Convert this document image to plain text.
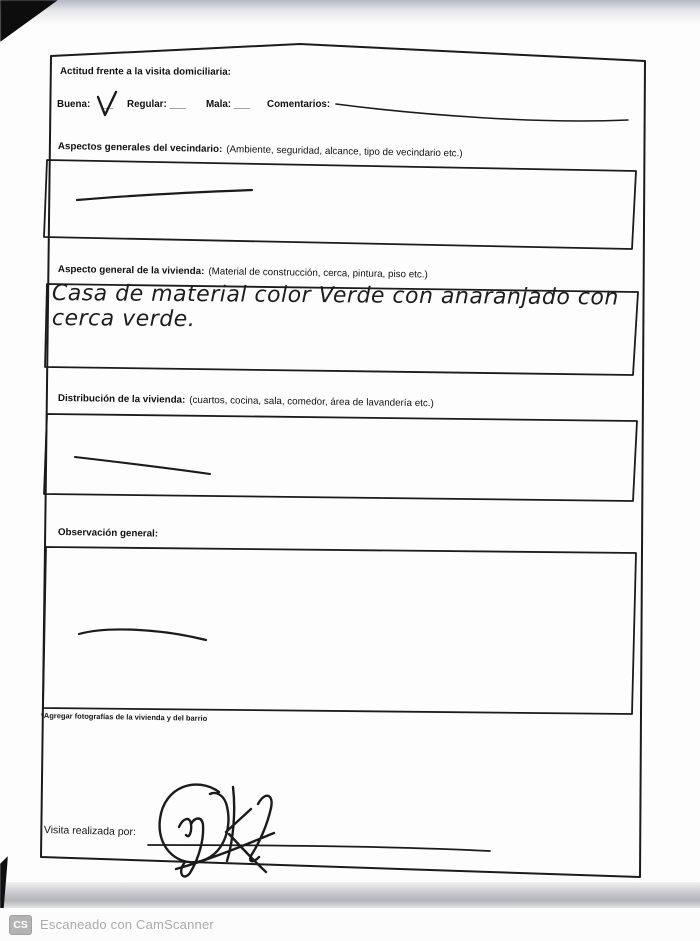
Actitud frente a la visita domiciliaria:
Buena: __ Regular: ___ Mala: ___ Comentarios:
Aspectos generales del vecindario: (Ambiente, seguridad, alcance, tipo de vecindario etc.)
Aspecto general de la vivienda: (Material de construcción, cerca, pintura, piso etc.)
Casa de material color Verde con anaranjado con
cerca verde.
Distribución de la vivienda: (cuartos, cocina, sala, comedor, área de lavandería etc.)
Observación general:
*Agregar fotografías de la vivienda y del barrio
Visita realizada por:
CS Escaneado con CamScanner
